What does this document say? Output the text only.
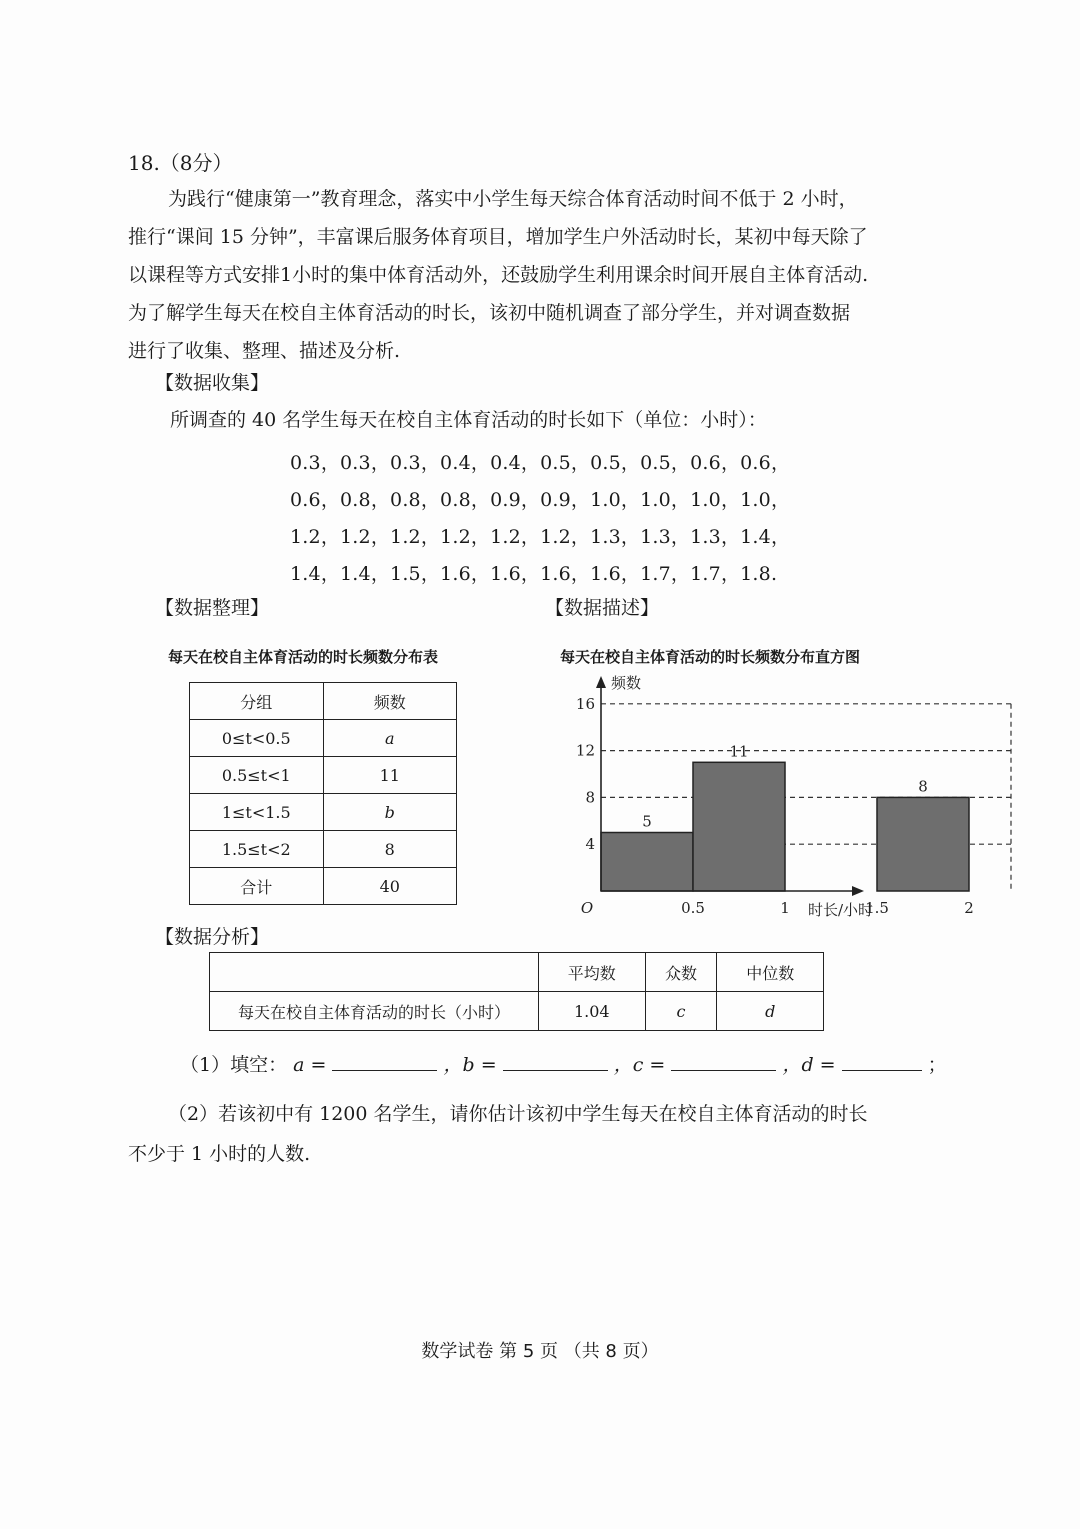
18.（8分）

为践行“健康第一”教育理念，落实中小学生每天综合体育活动时间不低于 2 小时，

推行“课间 15 分钟”，丰富课后服务体育项目，增加学生户外活动时长，某初中每天除了

以课程等方式安排1小时的集中体育活动外，还鼓励学生利用课余时间开展自主体育活动.

为了解学生每天在校自主体育活动的时长，该初中随机调查了部分学生，并对调查数据

进行了收集、整理、描述及分析.

【数据收集】
所调查的 40 名学生每天在校自主体育活动的时长如下（单位：小时）：
0.3，0.3，0.3，0.4，0.4，0.5，0.5，0.5，0.6，0.6，
0.6，0.8，0.8，0.8，0.9，0.9，1.0，1.0，1.0，1.0，
1.2，1.2，1.2，1.2，1.2，1.2，1.3，1.3，1.3，1.4，
1.4，1.4，1.5，1.6，1.6，1.6，1.6，1.7，1.7，1.8.
【数据整理】	【数据描述】
每天在校自主体育活动的时长频数分布表
分组	频数
0≤t<0.5	a
0.5≤t<1	11
1≤t<1.5	b
1.5≤t<2	8
合计	40
每天在校自主体育活动的时长频数分布直方图
5
11
8
4
8
12
16
0.5	1	1.5	2
O
频数
时长/小时
【数据分析】
	平均数	众数	中位数
每天在校自主体育活动的时长（小时）	1.04	c	d
（1）填空： a =	，b =	，c =	，d =	；

（2）若该初中有 1200 名学生，请你估计该初中学生每天在校自主体育活动的时长

不少于 1 小时的人数.

数学试卷 第 5 页 （共 8 页）
